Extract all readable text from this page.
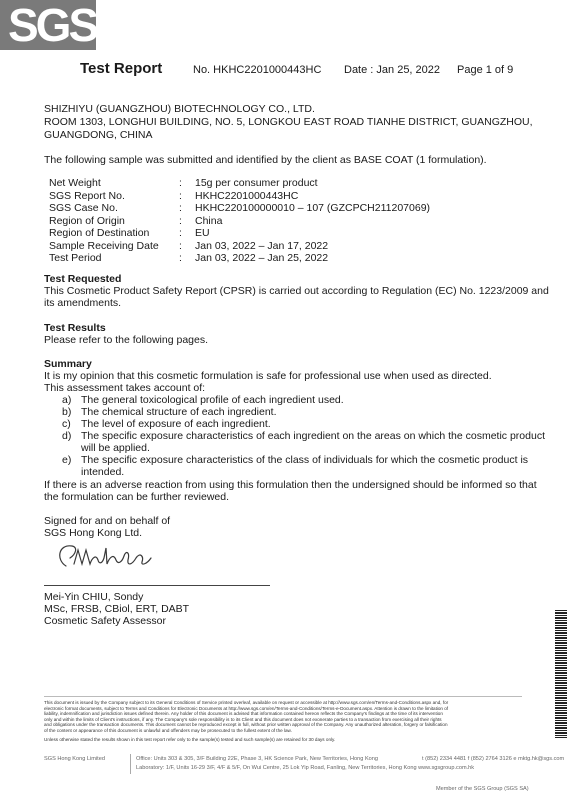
SGS
Test Report	No. HKHC2201000443HC Date : Jan 25, 2022 Page 1 of 9
SHIZHIYU (GUANGZHOU) BIOTECHNOLOGY CO., LTD.
ROOM 1303, LONGHUI BUILDING, NO. 5, LONGKOU EAST ROAD TIANHE DISTRICT, GUANGZHOU,
GUANGDONG, CHINA
The following sample was submitted and identified by the client as BASE COAT (1 formulation).
Net Weight	: 15g per consumer product
SGS Report No.	: HKHC2201000443HC
SGS Case No.	: HKHC220100000010 – 107 (GZCPCH211207069)
Region of Origin	: China
Region of Destination	: EU
Sample Receiving Date : Jan 03, 2022 – Jan 17, 2022
Test Period	: Jan 03, 2022 – Jan 25, 2022
Test Requested
This Cosmetic Product Safety Report (CPSR) is carried out according to Regulation (EC) No. 1223/2009 and
its amendments.
Test Results
Please refer to the following pages.
Summary
It is my opinion that this cosmetic formulation is safe for professional use when used as directed.
This assessment takes account of:
a) The general toxicological profile of each ingredient used.
b) The chemical structure of each ingredient.
c) The level of exposure of each ingredient.
d) The specific exposure characteristics of each ingredient on the areas on which the cosmetic product
will be applied.
e) The specific exposure characteristics of the class of individuals for which the cosmetic product is
intended.
If there is an adverse reaction from using this formulation then the undersigned should be informed so that
the formulation can be further reviewed.
Signed for and on behalf of
SGS Hong Kong Ltd.
Mei-Yin CHIU, Sondy
MSc, FRSB, CBiol, ERT, DABT
Cosmetic Safety Assessor
This document is issued by the Company subject to its General Conditions of Service printed overleaf, available on request or accessible at http://www.sgs.com/en/Terms-and-Conditions.aspx and, for
electronic format documents, subject to Terms and Conditions for Electronic Documents at http://www.sgs.com/en/Terms-and-Conditions/Terms-e-Document.aspx. Attention is drawn to the limitation of
liability, indemnification and jurisdiction issues defined therein. Any holder of this document is advised that information contained hereon reflects the Company's findings at the time of its intervention
only and within the limits of Client's instructions, if any. The Company's sole responsibility is to its Client and this document does not exonerate parties to a transaction from exercising all their rights
and obligations under the transaction documents. This document cannot be reproduced except in full, without prior written approval of the Company. Any unauthorized alteration, forgery or falsification
of the content or appearance of this document is unlawful and offenders may be prosecuted to the fullest extent of the law.
Unless otherwise stated the results shown in this test report refer only to the sample(s) tested and such sample(s) are retained for 30 days only.
SGS Hong Kong Limited	Office: Units 303 & 305, 3/F Building 22E, Phase 3, HK Science Park, New Territories, Hong Kong	t (852) 2334 4481 f (852) 2764 3126 e mktg.hk@sgs.com
Laboratory: 1/F, Units 16-29 3/F, 4/F & 5/F, On Wui Centre, 25 Lok Yip Road, Fanling, New Territories, Hong Kong www.sgsgroup.com.hk
Member of the SGS Group (SGS SA)
